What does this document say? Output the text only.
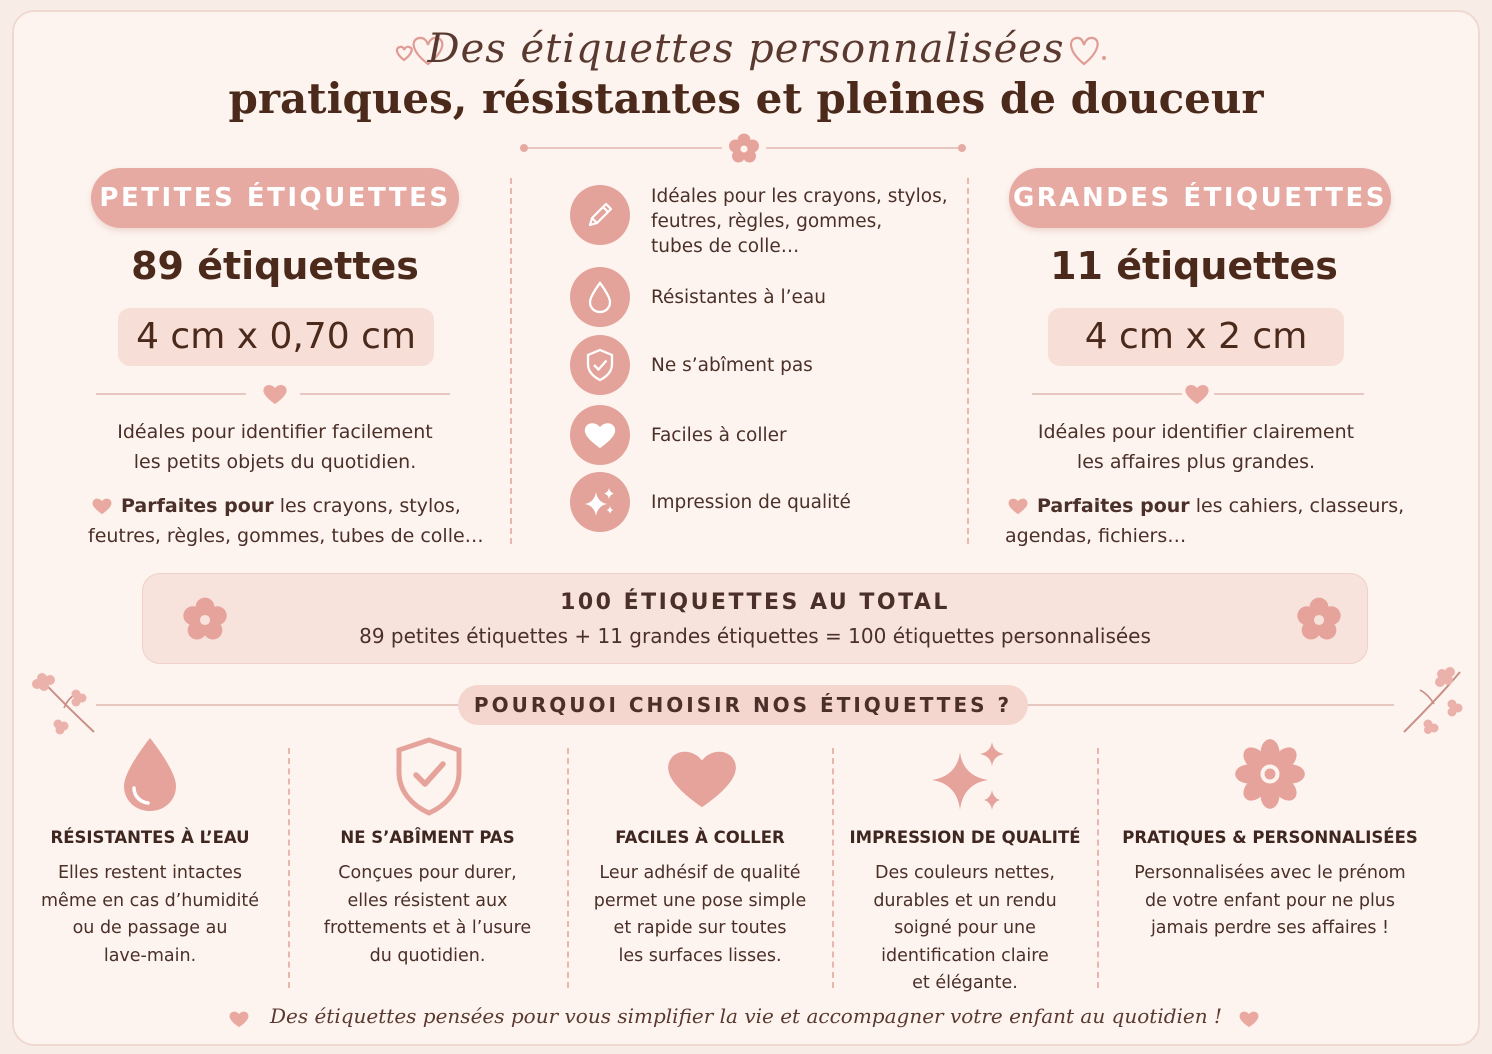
Des étiquettes personnalisées
pratiques, résistantes et pleines de douceur
PETITES ÉTIQUETTES
89 étiquettes
4 cm x 0,70 cm
Idéales pour identifier facilement
les petits objets du quotidien.
Parfaites pour les crayons, stylos,
feutres, règles, gommes, tubes de colle…
Idéales pour les crayons, stylos,
feutres, règles, gommes,
tubes de colle…
Résistantes à l’eau
Ne s’abîment pas
Faciles à coller
Impression de qualité
GRANDES ÉTIQUETTES
11 étiquettes
4 cm x 2 cm
Idéales pour identifier clairement
les affaires plus grandes.
Parfaites pour les cahiers, classeurs,
agendas, fichiers…
100 ÉTIQUETTES AU TOTAL
89 petites étiquettes + 11 grandes étiquettes = 100 étiquettes personnalisées
POURQUOI CHOISIR NOS ÉTIQUETTES ?
RÉSISTANTES À L’EAU
Elles restent intactes
même en cas d’humidité
ou de passage au
lave-main.
NE S’ABÎMENT PAS
Conçues pour durer,
elles résistent aux
frottements et à l’usure
du quotidien.
FACILES À COLLER
Leur adhésif de qualité
permet une pose simple
et rapide sur toutes
les surfaces lisses.
IMPRESSION DE QUALITÉ
Des couleurs nettes,
durables et un rendu
soigné pour une
identification claire
et élégante.
PRATIQUES & PERSONNALISÉES
Personnalisées avec le prénom
de votre enfant pour ne plus
jamais perdre ses affaires !
Des étiquettes pensées pour vous simplifier la vie et accompagner votre enfant au quotidien !
